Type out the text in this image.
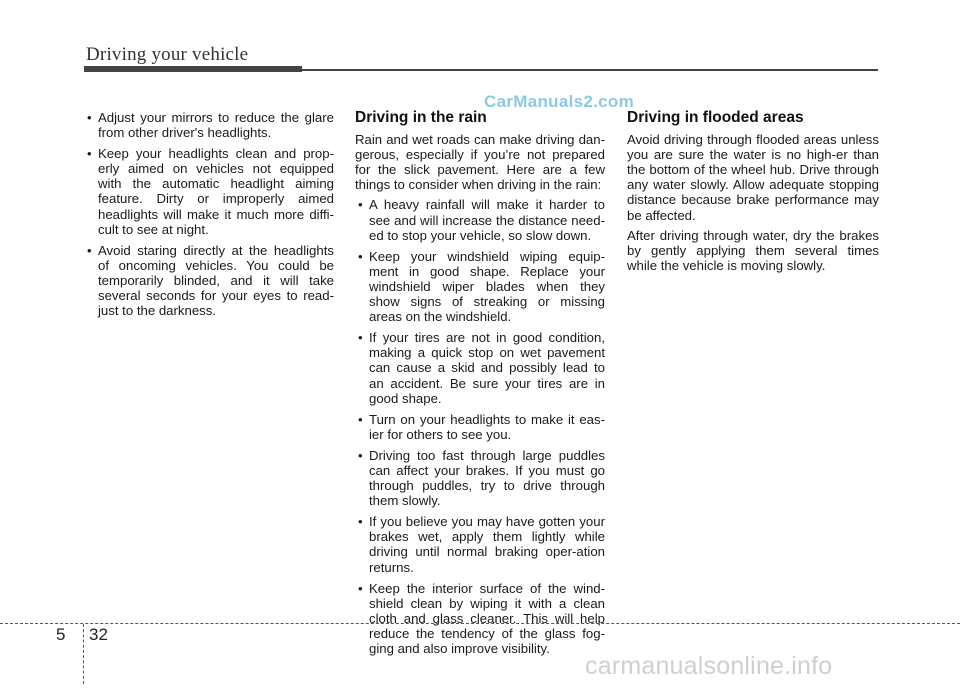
Driving your vehicle
CarManuals2.com
• Adjust your mirrors to reduce the glare from other driver's headlights.
• Keep your headlights clean and prop-erly aimed on vehicles not equipped with the automatic headlight aiming feature. Dirty or improperly aimed headlights will make it much more diffi-cult to see at night.
• Avoid staring directly at the headlights of oncoming vehicles. You could be temporarily blinded, and it will take several seconds for your eyes to read-just to the darkness.
Driving in the rain

Rain and wet roads can make driving dan-gerous, especially if you’re not prepared for the slick pavement. Here are a few things to consider when driving in the rain:

• A heavy rainfall will make it harder to see and will increase the distance need-ed to stop your vehicle, so slow down.
• Keep your windshield wiping equip-ment in good shape. Replace your windshield wiper blades when they show signs of streaking or missing areas on the windshield.
• If your tires are not in good condition, making a quick stop on wet pavement can cause a skid and possibly lead to an accident. Be sure your tires are in good shape.
• Turn on your headlights to make it eas-ier for others to see you.
• Driving too fast through large puddles can affect your brakes. If you must go through puddles, try to drive through them slowly.
• If you believe you may have gotten your brakes wet, apply them lightly while driving until normal braking oper-ation returns.
• Keep the interior surface of the wind-shield clean by wiping it with a clean cloth and glass cleaner. This will help reduce the tendency of the glass fog-ging and also improve visibility.
Driving in flooded areas

Avoid driving through flooded areas unless you are sure the water is no high-er than the bottom of the wheel hub. Drive through any water slowly. Allow adequate stopping distance because brake performance may be affected.

After driving through water, dry the brakes by gently applying them several times while the vehicle is moving slowly.

5 32
carmanualsonline.info
